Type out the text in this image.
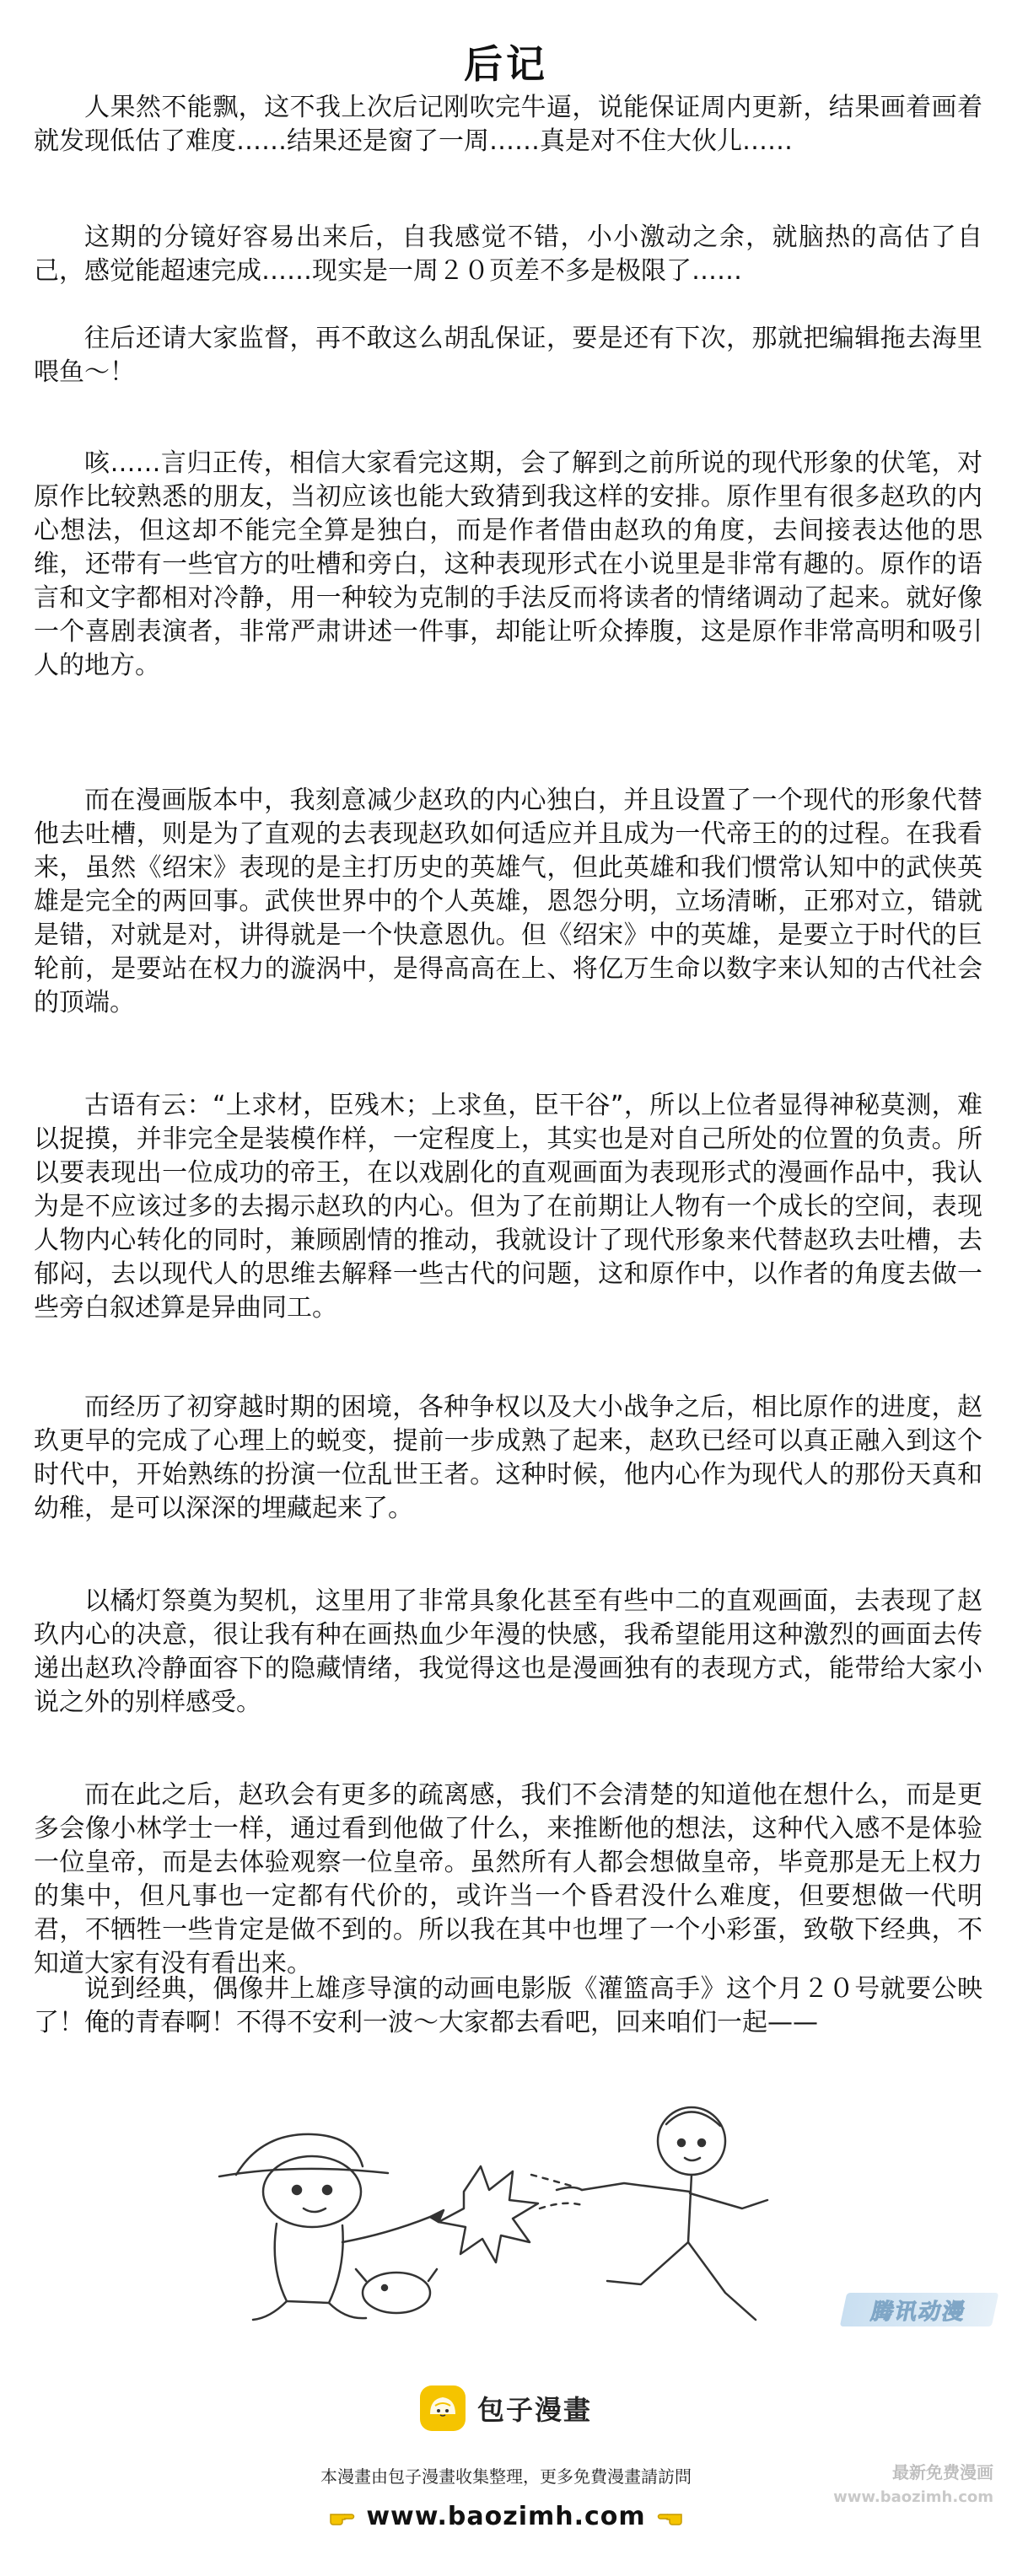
后记

人果然不能飘，这不我上次后记刚吹完牛逼，说能保证周内更新，结果画着画着就发现低估了难度……结果还是窗了一周……真是对不住大伙儿……

这期的分镜好容易出来后，自我感觉不错，小小激动之余，就脑热的高估了自己，感觉能超速完成……现实是一周２０页差不多是极限了……

往后还请大家监督，再不敢这么胡乱保证，要是还有下次，那就把编辑拖去海里喂鱼～！

咳……言归正传，相信大家看完这期，会了解到之前所说的现代形象的伏笔，对原作比较熟悉的朋友，当初应该也能大致猜到我这样的安排。原作里有很多赵玖的内心想法，但这却不能完全算是独白，而是作者借由赵玖的角度，去间接表达他的思维，还带有一些官方的吐槽和旁白，这种表现形式在小说里是非常有趣的。原作的语言和文字都相对冷静，用一种较为克制的手法反而将读者的情绪调动了起来。就好像一个喜剧表演者，非常严肃讲述一件事，却能让听众捧腹，这是原作非常高明和吸引人的地方。

而在漫画版本中，我刻意减少赵玖的内心独白，并且设置了一个现代的形象代替他去吐槽，则是为了直观的去表现赵玖如何适应并且成为一代帝王的的过程。在我看来，虽然《绍宋》表现的是主打历史的英雄气，但此英雄和我们惯常认知中的武侠英雄是完全的两回事。武侠世界中的个人英雄，恩怨分明，立场清晰，正邪对立，错就是错，对就是对，讲得就是一个快意恩仇。但《绍宋》中的英雄，是要立于时代的巨轮前，是要站在权力的漩涡中，是得高高在上、将亿万生命以数字来认知的古代社会的顶端。

古语有云：“上求材，臣残木；上求鱼，臣干谷”，所以上位者显得神秘莫测，难以捉摸，并非完全是装模作样，一定程度上，其实也是对自己所处的位置的负责。所以要表现出一位成功的帝王，在以戏剧化的直观画面为表现形式的漫画作品中，我认为是不应该过多的去揭示赵玖的内心。但为了在前期让人物有一个成长的空间，表现人物内心转化的同时，兼顾剧情的推动，我就设计了现代形象来代替赵玖去吐槽，去郁闷，去以现代人的思维去解释一些古代的问题，这和原作中，以作者的角度去做一些旁白叙述算是异曲同工。

而经历了初穿越时期的困境，各种争权以及大小战争之后，相比原作的进度，赵玖更早的完成了心理上的蜕变，提前一步成熟了起来，赵玖已经可以真正融入到这个时代中，开始熟练的扮演一位乱世王者。这种时候，他内心作为现代人的那份天真和幼稚，是可以深深的埋藏起来了。

以橘灯祭奠为契机，这里用了非常具象化甚至有些中二的直观画面，去表现了赵玖内心的决意，很让我有种在画热血少年漫的快感，我希望能用这种激烈的画面去传递出赵玖冷静面容下的隐藏情绪，我觉得这也是漫画独有的表现方式，能带给大家小说之外的别样感受。

而在此之后，赵玖会有更多的疏离感，我们不会清楚的知道他在想什么，而是更多会像小林学士一样，通过看到他做了什么，来推断他的想法，这种代入感不是体验一位皇帝，而是去体验观察一位皇帝。虽然所有人都会想做皇帝，毕竟那是无上权力的集中，但凡事也一定都有代价的，或许当一个昏君没什么难度，但要想做一代明君，不牺牲一些肯定是做不到的。所以我在其中也埋了一个小彩蛋，致敬下经典，不知道大家有没有看出来。

说到经典，偶像井上雄彦导演的动画电影版《灌篮高手》这个月２０号就要公映了！俺的青春啊！不得不安利一波～大家都去看吧，回来咱们一起——

腾讯动漫
包子漫畫
本漫畫由包子漫畫收集整理，更多免費漫畫請訪問
www.baozimh.com
最新免费漫画
www.baozimh.com
